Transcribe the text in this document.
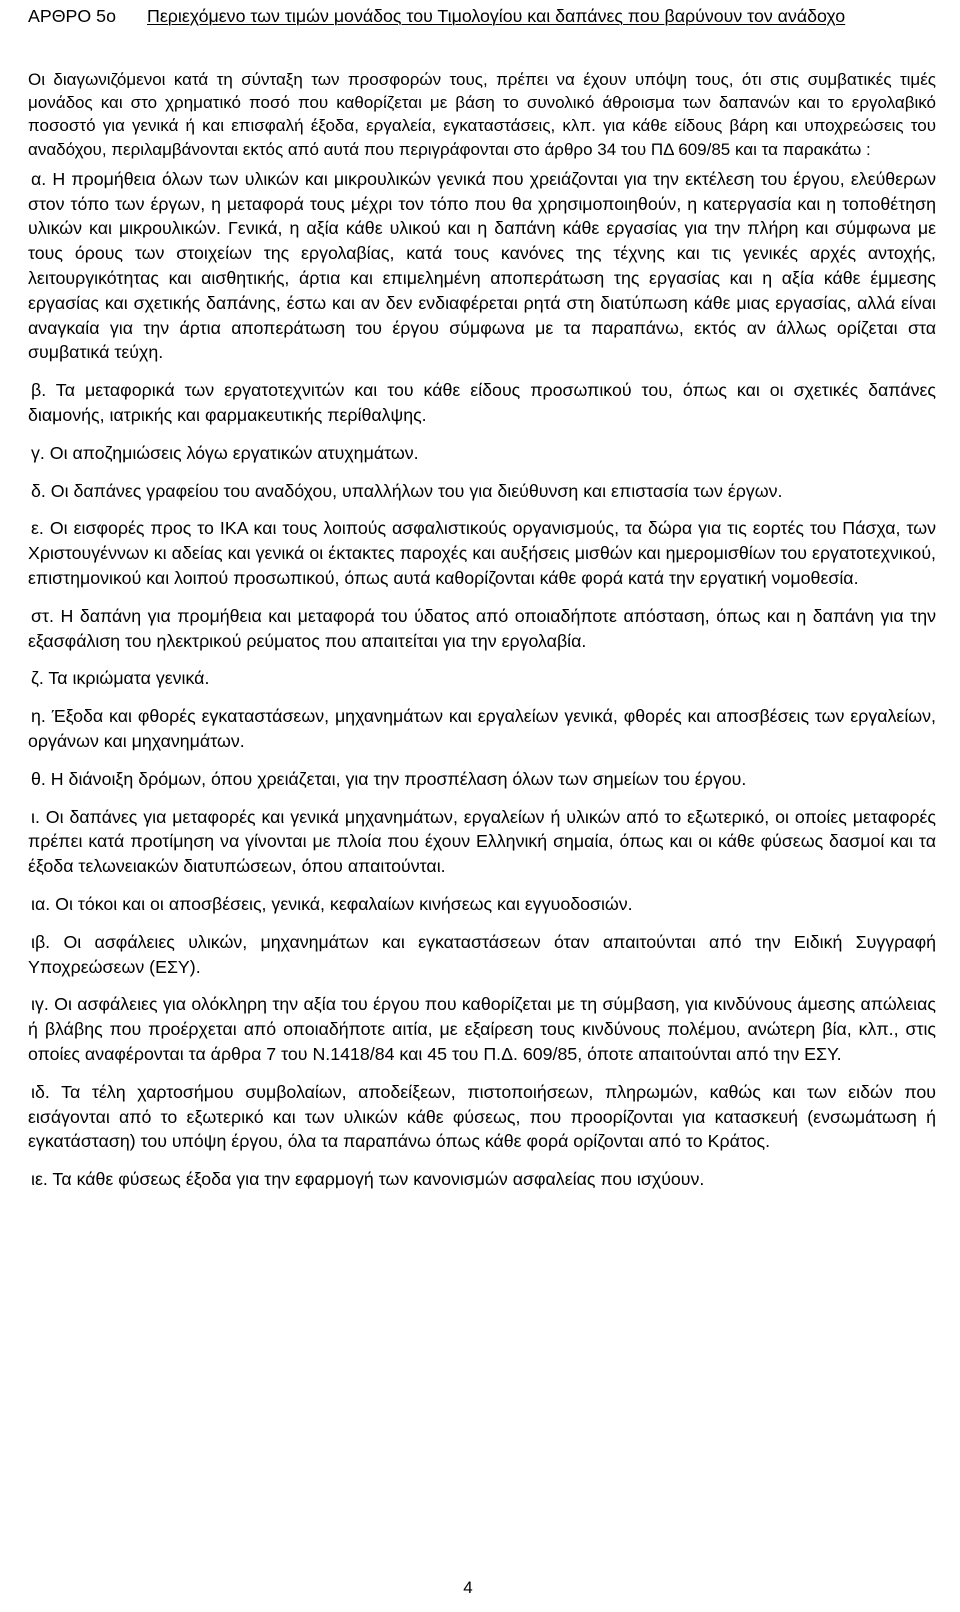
ΑΡΘΡΟ 5ο	Περιεχόμενο των τιμών μονάδος του Τιμολογίου και δαπάνες που βαρύνουν τον ανάδοχο

Οι διαγωνιζόμενοι κατά τη σύνταξη των προσφορών τους, πρέπει να έχουν υπόψη τους, ότι στις συμβατικές τιμές μονάδος και στο χρηματικό ποσό που καθορίζεται με βάση το συνολικό άθροισμα των δαπανών και το εργολαβικό ποσοστό για γενικά ή και επισφαλή έξοδα, εργαλεία, εγκαταστάσεις, κλπ. για κάθε είδους βάρη και υποχρεώσεις του αναδόχου, περιλαμβάνονται εκτός από αυτά που περιγράφονται στο άρθρο 34 του ΠΔ 609/85 και τα παρακάτω :

α. Η προμήθεια όλων των υλικών και μικρουλικών γενικά που χρειάζονται για την εκτέλεση του έργου, ελεύθερων στον τόπο των έργων, η μεταφορά τους μέχρι τον τόπο που θα χρησιμοποιηθούν, η κατεργασία και η τοποθέτηση υλικών και μικρουλικών. Γενικά, η αξία κάθε υλικού και η δαπάνη κάθε εργασίας για την πλήρη και σύμφωνα με τους όρους των στοιχείων της εργολαβίας, κατά τους κανόνες της τέχνης και τις γενικές αρχές αντοχής, λειτουργικότητας και αισθητικής, άρτια και επιμελημένη αποπεράτωση της εργασίας και η αξία κάθε έμμεσης εργασίας και σχετικής δαπάνης, έστω και αν δεν ενδιαφέρεται ρητά στη διατύπωση κάθε μιας εργασίας, αλλά είναι αναγκαία για την άρτια αποπεράτωση του έργου σύμφωνα με τα παραπάνω, εκτός αν άλλως ορίζεται στα συμβατικά τεύχη.

β. Τα μεταφορικά των εργατοτεχνιτών και του κάθε είδους προσωπικού του, όπως και οι σχετικές δαπάνες διαμονής, ιατρικής και φαρμακευτικής περίθαλψης.

γ. Οι αποζημιώσεις λόγω εργατικών ατυχημάτων.

δ. Οι δαπάνες γραφείου του αναδόχου, υπαλλήλων του για διεύθυνση και επιστασία των έργων.

ε. Οι εισφορές προς το ΙΚΑ και τους λοιπούς ασφαλιστικούς οργανισμούς, τα δώρα για τις εορτές του Πάσχα, των Χριστουγέννων κι αδείας και γενικά οι έκτακτες παροχές και αυξήσεις μισθών και ημερομισθίων του εργατοτεχνικού, επιστημονικού και λοιπού προσωπικού, όπως αυτά καθορίζονται κάθε φορά κατά την εργατική νομοθεσία.

στ. Η δαπάνη για προμήθεια και μεταφορά του ύδατος από οποιαδήποτε απόσταση, όπως και η δαπάνη για την εξασφάλιση του ηλεκτρικού ρεύματος που απαιτείται για την εργολαβία.

ζ. Τα ικριώματα γενικά.

η. Έξοδα και φθορές εγκαταστάσεων, μηχανημάτων και εργαλείων γενικά, φθορές και αποσβέσεις των εργαλείων, οργάνων και μηχανημάτων.

θ. Η διάνοιξη δρόμων, όπου χρειάζεται, για την προσπέλαση όλων των σημείων του έργου.

ι. Οι δαπάνες για μεταφορές και γενικά μηχανημάτων, εργαλείων ή υλικών από το εξωτερικό, οι οποίες μεταφορές πρέπει κατά προτίμηση να γίνονται με πλοία που έχουν Ελληνική σημαία, όπως και οι κάθε φύσεως δασμοί και τα έξοδα τελωνειακών διατυπώσεων, όπου απαιτούνται.

ια. Οι τόκοι και οι αποσβέσεις, γενικά, κεφαλαίων κινήσεως και εγγυοδοσιών.

ιβ. Οι ασφάλειες υλικών, μηχανημάτων και εγκαταστάσεων όταν απαιτούνται από την Ειδική Συγγραφή Υποχρεώσεων (ΕΣΥ).

ιγ. Οι ασφάλειες για ολόκληρη την αξία του έργου που καθορίζεται με τη σύμβαση, για κινδύνους άμεσης απώλειας ή βλάβης που προέρχεται από οποιαδήποτε αιτία, με εξαίρεση τους κινδύνους πολέμου, ανώτερη βία, κλπ., στις οποίες αναφέρονται τα άρθρα 7 του Ν.1418/84 και 45 του Π.Δ. 609/85, όποτε απαιτούνται από την ΕΣΥ.

ιδ. Τα τέλη χαρτοσήμου συμβολαίων, αποδείξεων, πιστοποιήσεων, πληρωμών, καθώς και των ειδών που εισάγονται από το εξωτερικό και των υλικών κάθε φύσεως, που προορίζονται για κατασκευή (ενσωμάτωση ή εγκατάσταση) του υπόψη έργου, όλα τα παραπάνω όπως κάθε φορά ορίζονται από το Κράτος.

ιε. Τα κάθε φύσεως έξοδα για την εφαρμογή των κανονισμών ασφαλείας που ισχύουν.

4
